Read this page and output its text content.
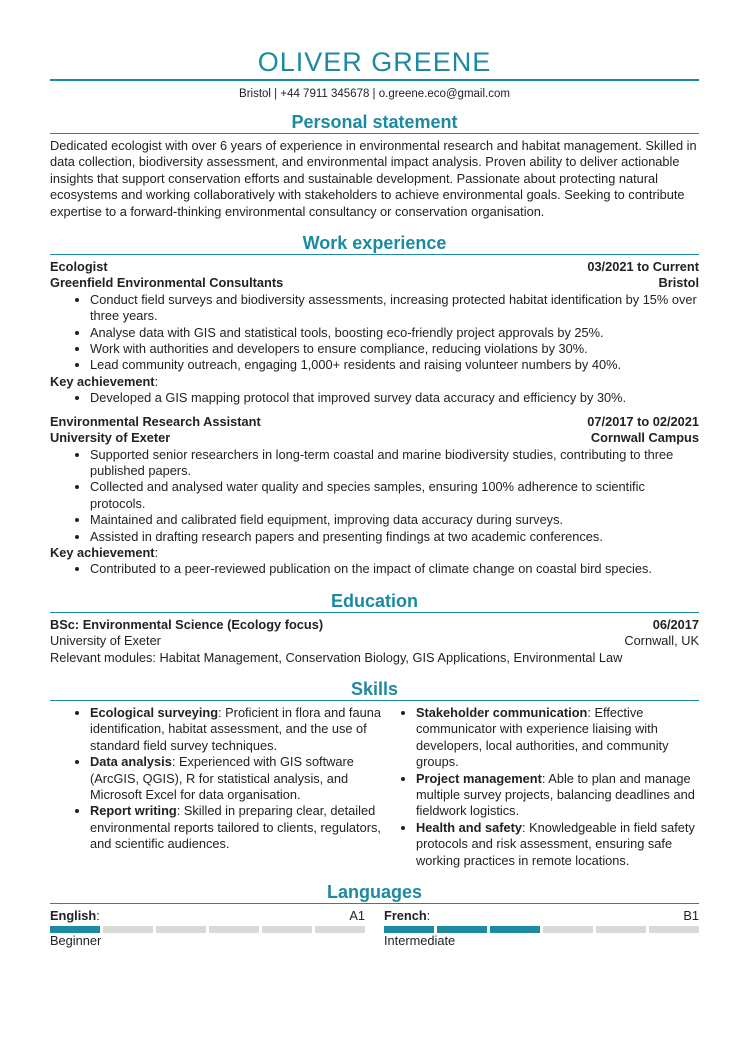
OLIVER GREENE
Bristol | +44 7911 345678 | o.greene.eco@gmail.com
Personal statement

Dedicated ecologist with over 6 years of experience in environmental research and habitat management. Skilled in data collection, biodiversity assessment, and environmental impact analysis. Proven ability to deliver actionable insights that support conservation efforts and sustainable development. Passionate about protecting natural ecosystems and working collaboratively with stakeholders to achieve environmental goals. Seeking to contribute expertise to a forward-thinking environmental consultancy or conservation organisation.

Work experience
Ecologist	03/2021 to Current
Greenfield Environmental Consultants	Bristol
• Conduct field surveys and biodiversity assessments, increasing protected habitat identification by 15% over three years.
• Analyse data with GIS and statistical tools, boosting eco-friendly project approvals by 25%.
• Work with authorities and developers to ensure compliance, reducing violations by 30%.
• Lead community outreach, engaging 1,000+ residents and raising volunteer numbers by 40%.
Key achievement:
• Developed a GIS mapping protocol that improved survey data accuracy and efficiency by 30%.
Environmental Research Assistant	07/2017 to 02/2021
University of Exeter	Cornwall Campus
• Supported senior researchers in long-term coastal and marine biodiversity studies, contributing to three published papers.
• Collected and analysed water quality and species samples, ensuring 100% adherence to scientific protocols.
• Maintained and calibrated field equipment, improving data accuracy during surveys.
• Assisted in drafting research papers and presenting findings at two academic conferences.
Key achievement:
• Contributed to a peer-reviewed publication on the impact of climate change on coastal bird species.
Education
BSc: Environmental Science (Ecology focus)	06/2017
University of Exeter	Cornwall, UK
Relevant modules: Habitat Management, Conservation Biology, GIS Applications, Environmental Law
Skills
• Ecological surveying: Proficient in flora and fauna identification, habitat assessment, and the use of standard field survey techniques.
• Data analysis: Experienced with GIS software (ArcGIS, QGIS), R for statistical analysis, and Microsoft Excel for data organisation.
• Report writing: Skilled in preparing clear, detailed environmental reports tailored to clients, regulators, and scientific audiences.
• Stakeholder communication: Effective communicator with experience liaising with developers, local authorities, and community groups.
• Project management: Able to plan and manage multiple survey projects, balancing deadlines and fieldwork logistics.
• Health and safety: Knowledgeable in field safety protocols and risk assessment, ensuring safe working practices in remote locations.
Languages
English:	A1
Beginner
French:	B1
Intermediate
